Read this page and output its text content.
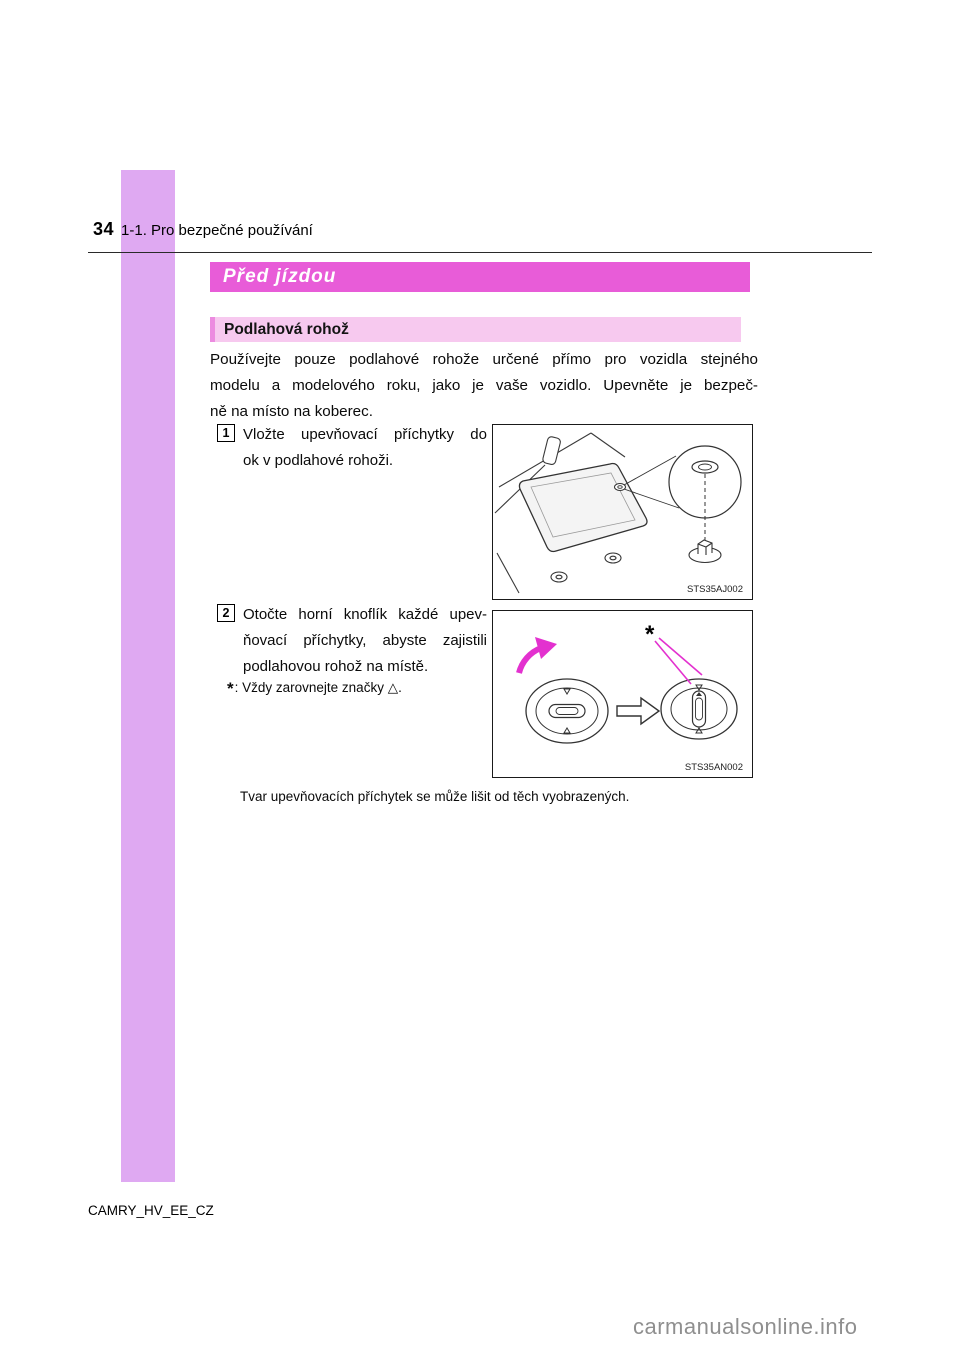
34 1-1. Pro bezpečné používání
Před jízdou
Podlahová rohož
Používejte pouze podlahové rohože určené přímo pro vozidla stejného
modelu a modelového roku, jako je vaše vozidlo. Upevněte je bezpeč-
ně na místo na koberec.
1 Vložte upevňovací příchytky do
ok v podlahové rohoži.
STS35AJ002
2 Otočte horní knoflík každé upev-
ňovací příchytky, abyste zajistili
podlahovou rohož na místě.
*: Vždy zarovnejte značky △.
*
STS35AN002
Tvar upevňovacích příchytek se může lišit od těch vyobrazených.
CAMRY_HV_EE_CZ
carmanualsonline.info
